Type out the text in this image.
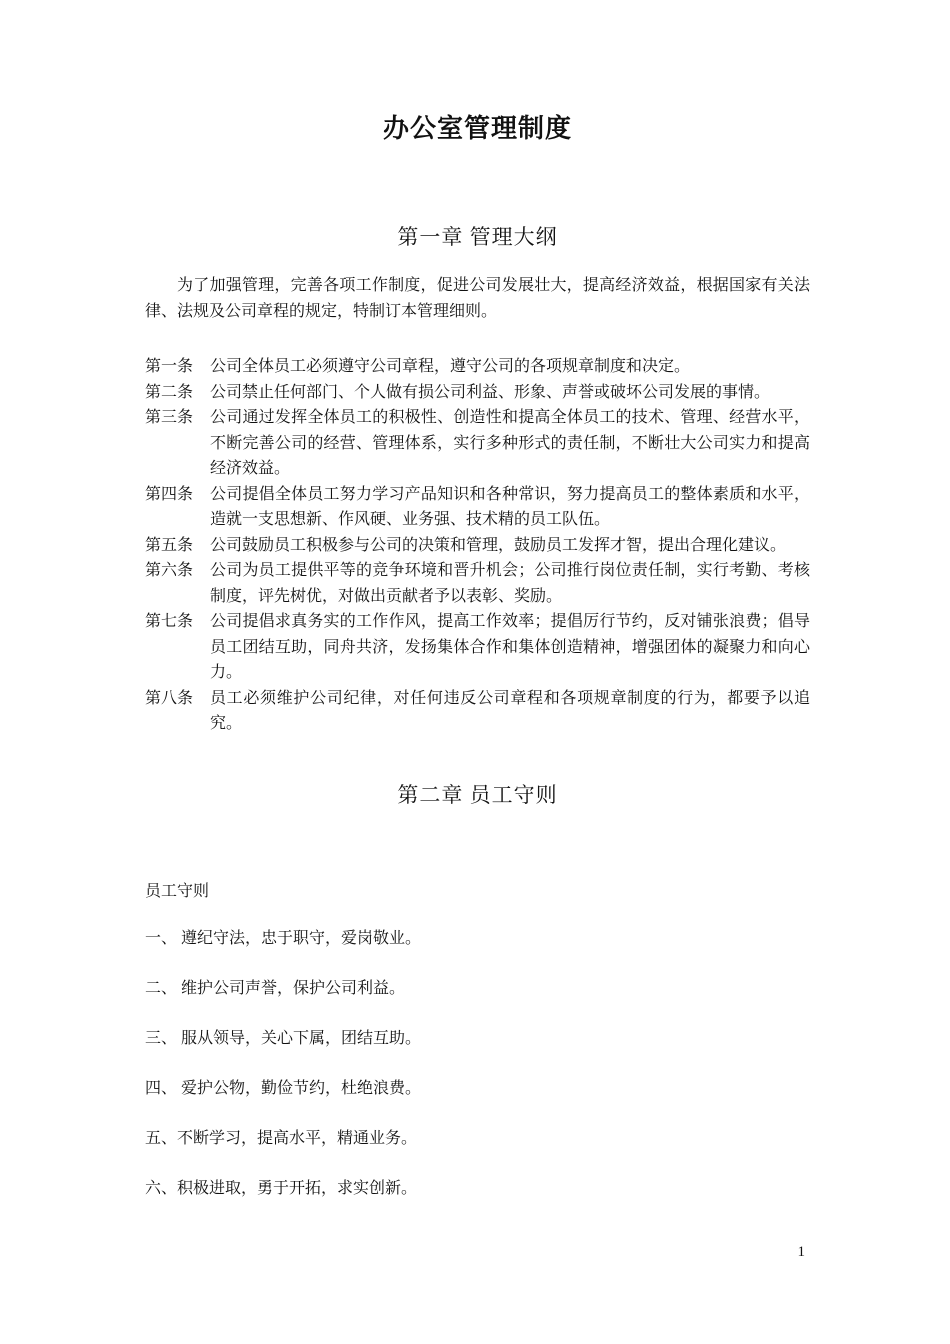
办公室管理制度
第一章 管理大纲

为了加强管理，完善各项工作制度，促进公司发展壮大，提高经济效益，根据国家有关法律、法规及公司章程的规定，特制订本管理细则。

第一条 公司全体员工必须遵守公司章程，遵守公司的各项规章制度和决定。
第二条 公司禁止任何部门、个人做有损公司利益、形象、声誉或破坏公司发展的事情。
第三条 公司通过发挥全体员工的积极性、创造性和提高全体员工的技术、管理、经营水平，不断完善公司的经营、管理体系，实行多种形式的责任制，不断壮大公司实力和提高经济效益。
第四条 公司提倡全体员工努力学习产品知识和各种常识，努力提高员工的整体素质和水平，造就一支思想新、作风硬、业务强、技术精的员工队伍。
第五条 公司鼓励员工积极参与公司的决策和管理，鼓励员工发挥才智，提出合理化建议。
第六条 公司为员工提供平等的竞争环境和晋升机会；公司推行岗位责任制，实行考勤、考核制度，评先树优，对做出贡献者予以表彰、奖励。
第七条 公司提倡求真务实的工作作风，提高工作效率；提倡厉行节约，反对铺张浪费；倡导员工团结互助，同舟共济，发扬集体合作和集体创造精神，增强团体的凝聚力和向心力。
第八条 员工必须维护公司纪律，对任何违反公司章程和各项规章制度的行为，都要予以追究。
第二章 员工守则

员工守则

一、 遵纪守法，忠于职守，爱岗敬业。

二、 维护公司声誉，保护公司利益。

三、 服从领导，关心下属，团结互助。

四、 爱护公物，勤俭节约，杜绝浪费。

五、不断学习，提高水平，精通业务。

六、积极进取，勇于开拓，求实创新。

1
